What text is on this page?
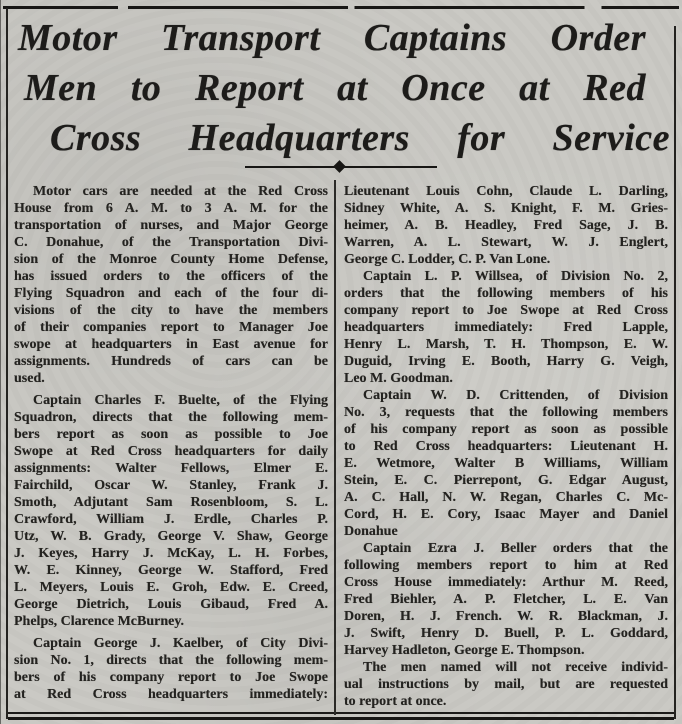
Motor Transport Captains Order
Men to Report at Once at Red
Cross Headquarters for Service
Motor cars are needed at the Red Cross
House from 6 A. M. to 3 A. M. for the
transportation of nurses, and Major George
C. Donahue, of the Transportation Divi-
sion of the Monroe County Home Defense,
has issued orders to the officers of the
Flying Squadron and each of the four di-
visions of the city to have the members
of their companies report to Manager Joe
swope at headquarters in East avenue for
assignments. Hundreds of cars can be
used.
Captain Charles F. Buelte, of the Flying
Squadron, directs that the following mem-
bers report as soon as possible to Joe
Swope at Red Cross headquarters for daily
assignments: Walter Fellows, Elmer E.
Fairchild, Oscar W. Stanley, Frank J.
Smoth, Adjutant Sam Rosenbloom, S. L.
Crawford, William J. Erdle, Charles P.
Utz, W. B. Grady, George V. Shaw, George
J. Keyes, Harry J. McKay, L. H. Forbes,
W. E. Kinney, George W. Stafford, Fred
L. Meyers, Louis E. Groh, Edw. E. Creed,
George Dietrich, Louis Gibaud, Fred A.
Phelps, Clarence McBurney.
Captain George J. Kaelber, of City Divi-
sion No. 1, directs that the following mem-
bers of his company report to Joe Swope
at Red Cross headquarters immediately:
Lieutenant Louis Cohn, Claude L. Darling,
Sidney White, A. S. Knight, F. M. Gries-
heimer, A. B. Headley, Fred Sage, J. B.
Warren, A. L. Stewart, W. J. Englert,
George C. Lodder, C. P. Van Lone.
Captain L. P. Willsea, of Division No. 2,
orders that the following members of his
company report to Joe Swope at Red Cross
headquarters immediately: Fred Lapple,
Henry L. Marsh, T. H. Thompson, E. W.
Duguid, Irving E. Booth, Harry G. Veigh,
Leo M. Goodman.
Captain W. D. Crittenden, of Division
No. 3, requests that the following members
of his company report as soon as possible
to Red Cross headquarters: Lieutenant H.
E. Wetmore, Walter B Williams, William
Stein, E. C. Pierrepont, G. Edgar August,
A. C. Hall, N. W. Regan, Charles C. Mc-
Cord, H. E. Cory, Isaac Mayer and Daniel
Donahue
Captain Ezra J. Beller orders that the
following members report to him at Red
Cross House immediately: Arthur M. Reed,
Fred Biehler, A. P. Fletcher, L. E. Van
Doren, H. J. French. W. R. Blackman, J.
J. Swift, Henry D. Buell, P. L. Goddard,
Harvey Hadleton, George E. Thompson.
The men named will not receive individ-
ual instructions by mail, but are requested
to report at once.
